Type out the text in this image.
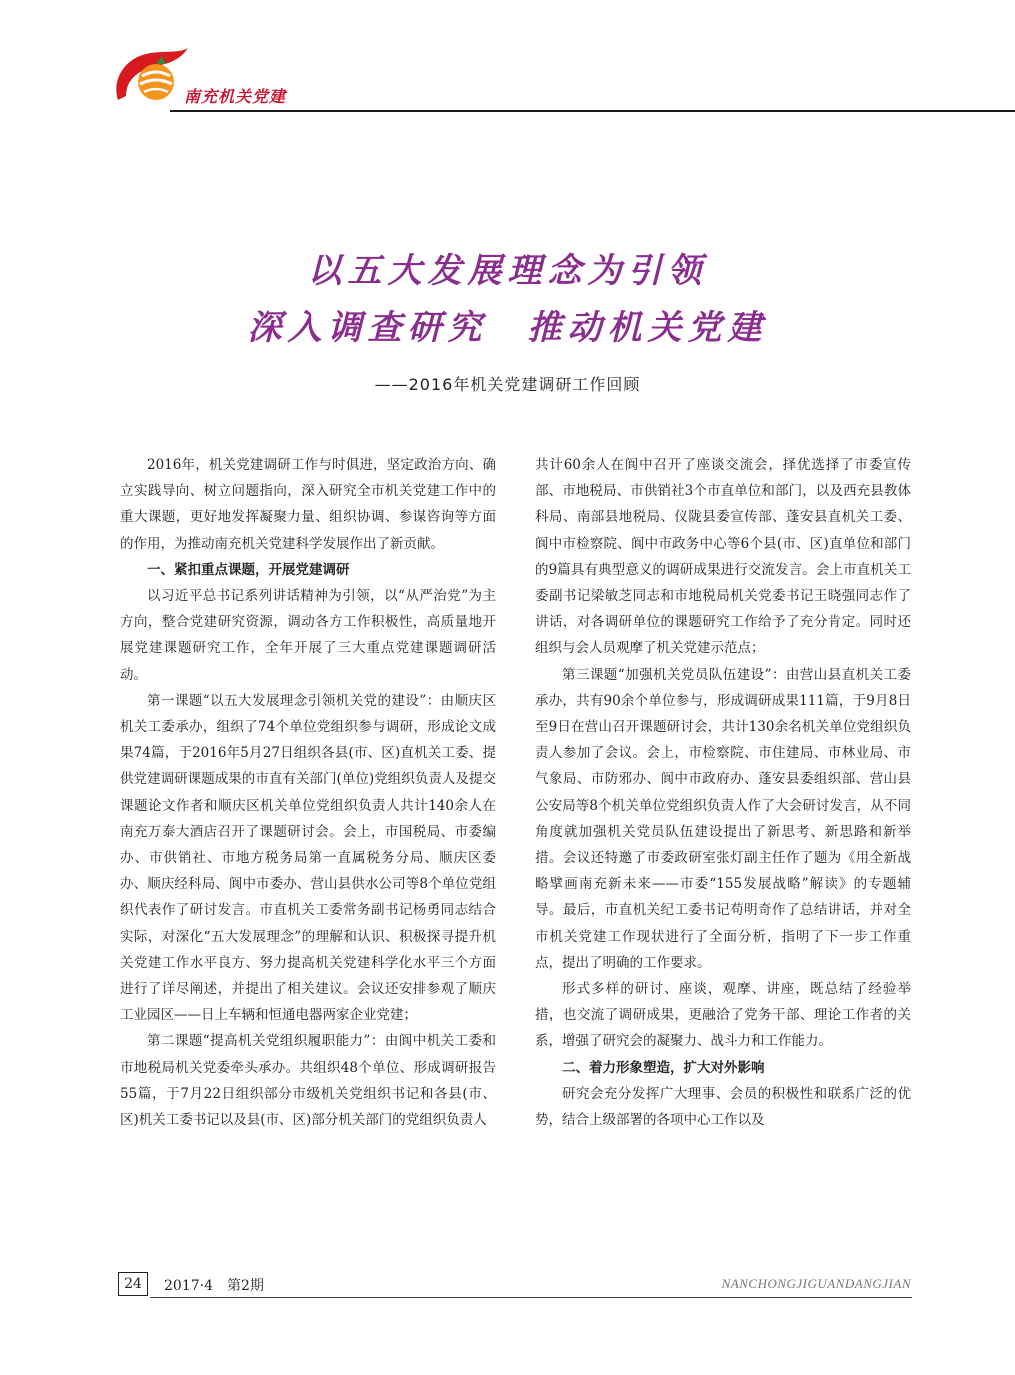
南充机关党建
以五大发展理念为引领
深入调查研究　推动机关党建
——2016年机关党建调研工作回顾

2016年，机关党建调研工作与时俱进，坚定政治方向、确立实践导向、树立问题指向，深入研究全市机关党建工作中的重大课题，更好地发挥凝聚力量、组织协调、参谋咨询等方面的作用，为推动南充机关党建科学发展作出了新贡献。

一、紧扣重点课题，开展党建调研

以习近平总书记系列讲话精神为引领，以“从严治党”为主方向，整合党建研究资源，调动各方工作积极性，高质量地开展党建课题研究工作，全年开展了三大重点党建课题调研活动。

第一课题“以五大发展理念引领机关党的建设”：由顺庆区机关工委承办，组织了74个单位党组织参与调研，形成论文成果74篇，于2016年5月27日组织各县(市、区)直机关工委、提供党建调研课题成果的市直有关部门(单位)党组织负责人及提交课题论文作者和顺庆区机关单位党组织负责人共计140余人在南充万泰大酒店召开了课题研讨会。会上，市国税局、市委编办、市供销社、市地方税务局第一直属税务分局、顺庆区委办、顺庆经科局、阆中市委办、营山县供水公司等8个单位党组织代表作了研讨发言。市直机关工委常务副书记杨勇同志结合实际，对深化“五大发展理念”的理解和认识、积极探寻提升机关党建工作水平良方、努力提高机关党建科学化水平三个方面进行了详尽阐述，并提出了相关建议。会议还安排参观了顺庆工业园区——日上车辆和恒通电器两家企业党建；

第二课题“提高机关党组织履职能力”：由阆中机关工委和市地税局机关党委牵头承办。共组织48个单位、形成调研报告55篇，于7月22日组织部分市级机关党组织书记和各县(市、区)机关工委书记以及县(市、区)部分机关部门的党组织负责人

共计60余人在阆中召开了座谈交流会，择优选择了市委宣传部、市地税局、市供销社3个市直单位和部门，以及西充县教体科局、南部县地税局、仪陇县委宣传部、蓬安县直机关工委、阆中市检察院、阆中市政务中心等6个县(市、区)直单位和部门的9篇具有典型意义的调研成果进行交流发言。会上市直机关工委副书记梁敏芝同志和市地税局机关党委书记王晓强同志作了讲话，对各调研单位的课题研究工作给予了充分肯定。同时还组织与会人员观摩了机关党建示范点；

第三课题“加强机关党员队伍建设”：由营山县直机关工委承办，共有90余个单位参与，形成调研成果111篇，于9月8日至9日在营山召开课题研讨会，共计130余名机关单位党组织负责人参加了会议。会上，市检察院、市住建局、市林业局、市气象局、市防邪办、阆中市政府办、蓬安县委组织部、营山县公安局等8个机关单位党组织负责人作了大会研讨发言，从不同角度就加强机关党员队伍建设提出了新思考、新思路和新举措。会议还特邀了市委政研室张灯副主任作了题为《用全新战略擘画南充新未来——市委“155发展战略”解读》的专题辅导。最后，市直机关纪工委书记苟明奇作了总结讲话，并对全市机关党建工作现状进行了全面分析，指明了下一步工作重点，提出了明确的工作要求。

形式多样的研讨、座谈，观摩、讲座，既总结了经验举措，也交流了调研成果，更融洽了党务干部、理论工作者的关系，增强了研究会的凝聚力、战斗力和工作能力。

二、着力形象塑造，扩大对外影响

研究会充分发挥广大理事、会员的积极性和联系广泛的优势，结合上级部署的各项中心工作以及

24	2017·4　第2期	NANCHONGJIGUANDANGJIAN
